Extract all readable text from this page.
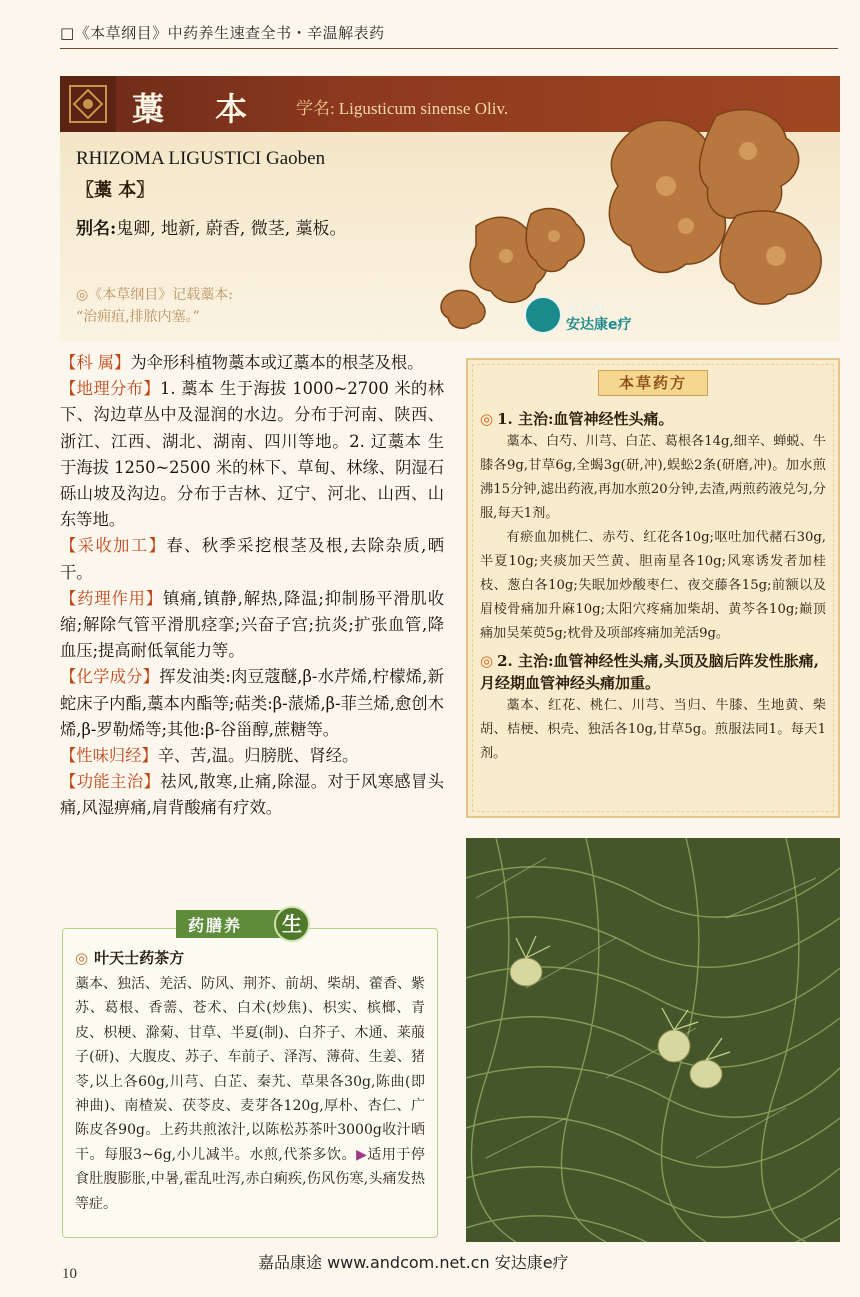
□《本草纲目》中药养生速查全书・辛温解表药
藁 本 学名: Ligusticum sinense Oliv.
RHIZOMA LIGUSTICI Gaoben
〖藁 本〗
别名:鬼卿, 地新, 蔚香, 微茎, 藁板。
◎《本草纲目》记载藁本:
“治痈疽,排脓内塞。”	嘉品AI
安达康e疗

【科 属】为伞形科植物藁本或辽藁本的根茎及根。

【地理分布】1. 藁本 生于海拔 1000~2700 米的林下、沟边草丛中及湿润的水边。分布于河南、陕西、浙江、江西、湖北、湖南、四川等地。2. 辽藁本 生于海拔 1250~2500 米的林下、草甸、林缘、阴湿石砾山坡及沟边。分布于吉林、辽宁、河北、山西、山东等地。

【采收加工】春、秋季采挖根茎及根,去除杂质,晒干。

【药理作用】镇痛,镇静,解热,降温;抑制肠平滑肌收缩;解除气管平滑肌痉挛;兴奋子宫;抗炎;扩张血管,降血压;提高耐低氧能力等。

【化学成分】挥发油类:肉豆蔻醚,β-水芹烯,柠檬烯,新蛇床子内酯,藁本内酯等;萜类:β-蒎烯,β-菲兰烯,愈创木烯,β-罗勒烯等;其他:β-谷甾醇,蔗糖等。

【性味归经】辛、苦,温。归膀胱、肾经。

【功能主治】祛风,散寒,止痛,除湿。对于风寒感冒头痛,风湿痹痛,肩背酸痛有疗效。

◎ 叶天士药茶方

藁本、独活、羌活、防风、荆芥、前胡、柴胡、藿香、紫苏、葛根、香薷、苍术、白术(炒焦)、枳实、槟榔、青皮、枳梗、滁菊、甘草、半夏(制)、白芥子、木通、莱菔子(研)、大腹皮、苏子、车前子、泽泻、薄荷、生姜、猪苓,以上各60g,川芎、白芷、秦艽、草果各30g,陈曲(即神曲)、南楂炭、茯苓皮、麦芽各120g,厚朴、杏仁、广陈皮各90g。上药共煎浓汁,以陈松苏茶叶3000g收汁晒干。每服3~6g,小儿减半。水煎,代茶多饮。▶适用于停食肚腹膨胀,中暑,霍乱吐泻,赤白痢疾,伤风伤寒,头痛发热等症。

药膳养	生
本草药方
◎ 1. 主治:血管神经性头痛。

藁本、白芍、川芎、白芷、葛根各14g,细辛、蝉蜕、牛膝各9g,甘草6g,全蝎3g(研,冲),蜈蚣2条(研磨,冲)。加水煎沸15分钟,滤出药液,再加水煎20分钟,去渣,两煎药液兑匀,分服,每天1剂。

有瘀血加桃仁、赤芍、红花各10g;呕吐加代赭石30g,半夏10g;夹痰加天竺黄、胆南星各10g;风寒诱发者加桂枝、葱白各10g;失眠加炒酸枣仁、夜交藤各15g;前额以及眉棱骨痛加升麻10g;太阳穴疼痛加柴胡、黄芩各10g;巅顶痛加吴茱萸5g;枕骨及项部疼痛加羌活9g。

◎ 2. 主治:血管神经性头痛,头顶及脑后阵发性胀痛,月经期血管神经头痛加重。

藁本、红花、桃仁、川芎、当归、牛膝、生地黄、柴胡、桔梗、枳壳、独活各10g,甘草5g。煎服法同1。每天1剂。

10
嘉品康途 www.andcom.net.cn 安达康e疗
